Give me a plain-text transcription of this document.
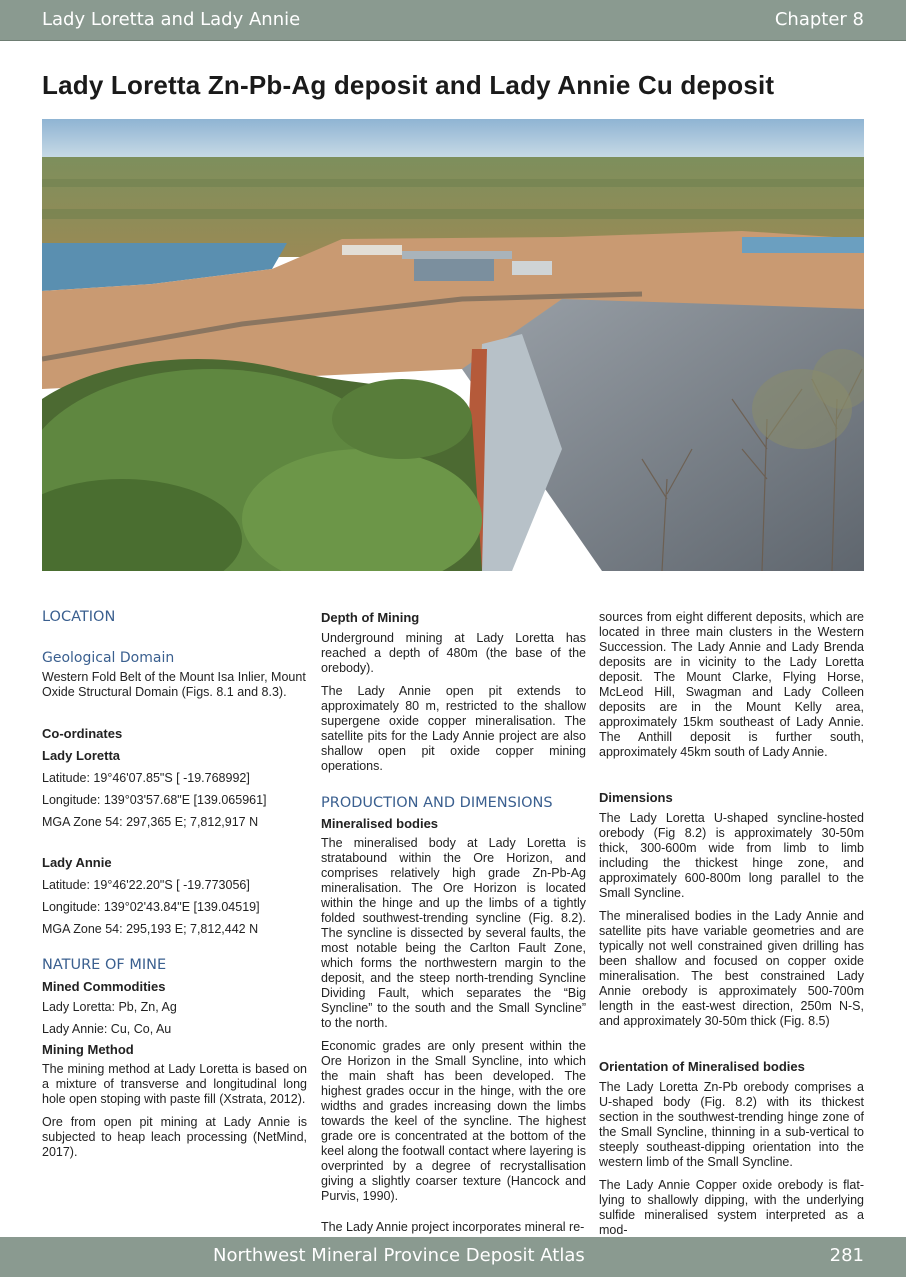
Lady Loretta and Lady Annie	Chapter 8
Lady Loretta Zn-Pb-Ag deposit and Lady Annie Cu deposit
LOCATION
Geological Domain

Western Fold Belt of the Mount Isa Inlier, Mount Oxide Structural Domain (Figs. 8.1 and 8.3).

Co-ordinates
Lady Loretta
Latitude: 19°46'07.85"S [ -19.768992]
Longitude: 139°03'57.68"E [139.065961]
MGA Zone 54: 297,365 E; 7,812,917 N
Lady Annie
Latitude: 19°46'22.20"S [ -19.773056]
Longitude: 139°02'43.84"E [139.04519]
MGA Zone 54: 295,193 E; 7,812,442 N
NATURE OF MINE
Mined Commodities
Lady Loretta: Pb, Zn, Ag
Lady Annie: Cu, Co, Au
Mining Method

The mining method at Lady Loretta is based on a mixture of transverse and longitudinal long hole open stoping with paste fill (Xstrata, 2012).

Ore from open pit mining at Lady Annie is subjected to heap leach processing (NetMind, 2017).

Depth of Mining

Underground mining at Lady Loretta has reached a depth of 480m (the base of the orebody).

The Lady Annie open pit extends to approximately 80 m, restricted to the shallow supergene oxide copper mineralisation. The satellite pits for the Lady Annie project are also shallow open pit oxide copper mining operations.

PRODUCTION AND DIMENSIONS
Mineralised bodies

The mineralised body at Lady Loretta is stratabound within the Ore Horizon, and comprises relatively high grade Zn-Pb-Ag mineralisation. The Ore Horizon is located within the hinge and up the limbs of a tightly folded southwest-trending syncline (Fig. 8.2). The syncline is dissected by several faults, the most notable being the Carlton Fault Zone, which forms the northwestern margin to the deposit, and the steep north-trending Syncline Dividing Fault, which separates the “Big Syncline” to the south and the Small Syncline” to the north.

Economic grades are only present within the Ore Horizon in the Small Syncline, into which the main shaft has been developed. The highest grades occur in the hinge, with the ore widths and grades increasing down the limbs towards the keel of the syncline. The highest grade ore is concentrated at the bottom of the keel along the footwall contact where layering is overprinted by a degree of recrystallisation giving a slightly coarser texture (Hancock and Purvis, 1990).

The Lady Annie project incorporates mineral re-

sources from eight different deposits, which are located in three main clusters in the Western Succession. The Lady Annie and Lady Brenda deposits are in vicinity to the Lady Loretta deposit. The Mount Clarke, Flying Horse, McLeod Hill, Swagman and Lady Colleen deposits are in the Mount Kelly area, approximately 15km southeast of Lady Annie. The Anthill deposit is further south, approximately 45km south of Lady Annie.

Dimensions

The Lady Loretta U-shaped syncline-hosted orebody (Fig 8.2) is approximately 30-50m thick, 300-600m wide from limb to limb including the thickest hinge zone, and approximately 600-800m long parallel to the Small Syncline.

The mineralised bodies in the Lady Annie and satellite pits have variable geometries and are typically not well constrained given drilling has been shallow and focused on copper oxide mineralisation. The best constrained Lady Annie orebody is approximately 500-700m length in the east-west direction, 250m N-S, and approximately 30-50m thick (Fig. 8.5)

Orientation of Mineralised bodies

The Lady Loretta Zn-Pb orebody comprises a U-shaped body (Fig. 8.2) with its thickest section in the southwest-trending hinge zone of the Small Syncline, thinning in a sub-vertical to steeply southeast-dipping orientation into the western limb of the Small Syncline.

The Lady Annie Copper oxide orebody is flat-lying to shallowly dipping, with the underlying sulfide mineralised system interpreted as a mod-

Northwest Mineral Province Deposit Atlas	281
